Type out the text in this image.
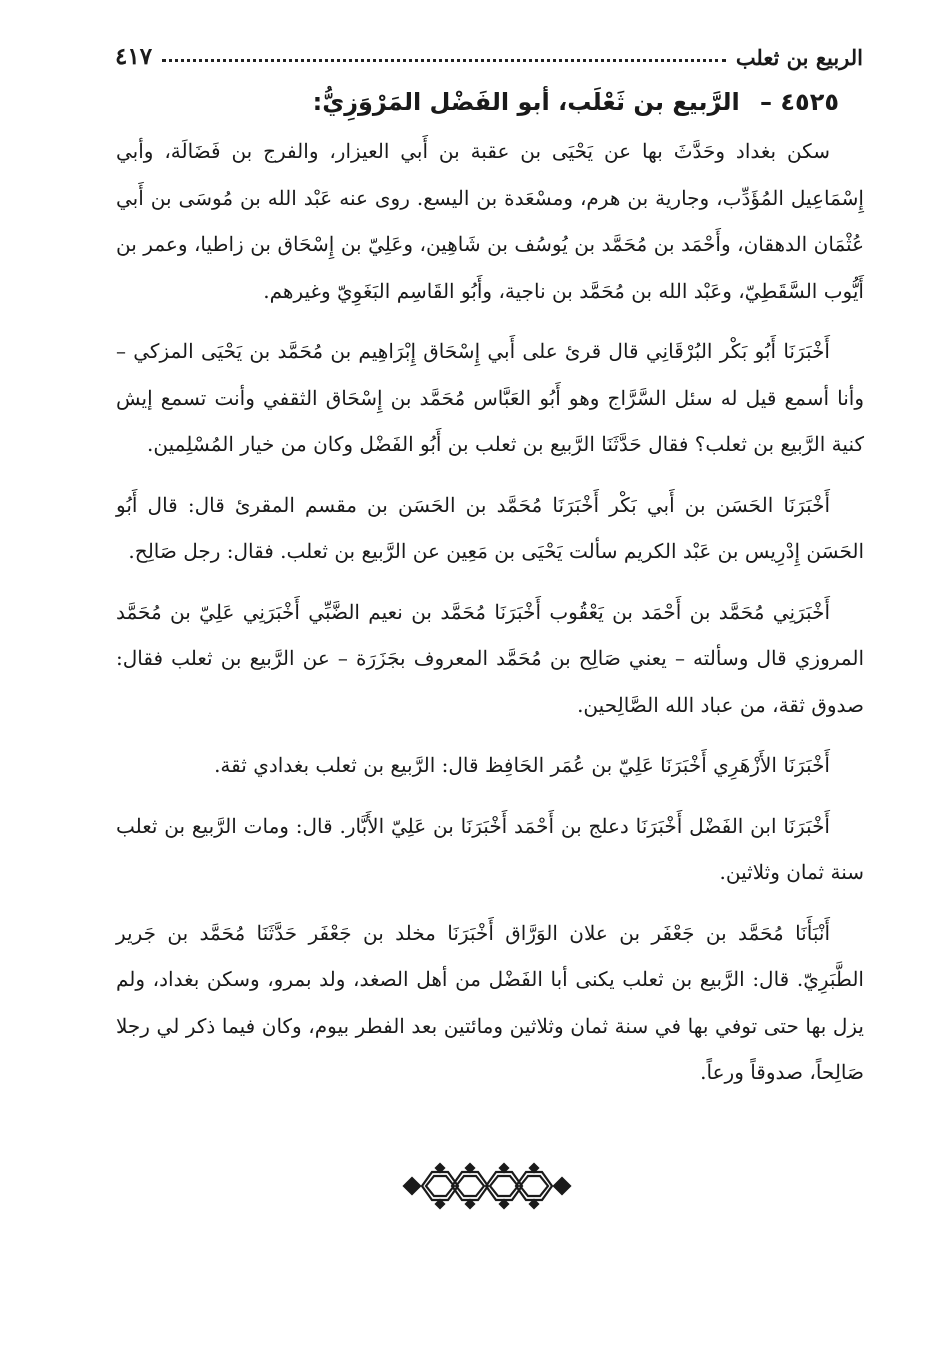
الربيع بن ثعلب
٤١٧
٤٥٢٥ – الرَّبيع بن ثَعْلَب، أبو الفَضْل المَرْوَزِيُّ:

سكن بغداد وحَدَّثَ بها عن يَحْيَى بن عقبة بن أَبي العيزار، والفرج بن فَضَالَة، وأبي إِسْمَاعِيل المُؤَدِّب، وجارية بن هرم، ومسْعَدة بن اليسع. روى عنه عَبْد الله بن مُوسَى بن أَبي عُثْمَان الدهقان، وأَحْمَد بن مُحَمَّد بن يُوسُف بن شَاهِين، وعَلِيّ بن إِسْحَاق بن زاطيا، وعمر بن أَيُّوب السَّقَطِيّ، وعَبْد الله بن مُحَمَّد بن ناجية، وأَبُو القَاسِم البَغَوِيّ وغيرهم.

أَخْبَرَنَا أَبُو بَكْر البُرْقَانِي قال قرئ على أَبي إِسْحَاق إِبْرَاهِيم بن مُحَمَّد بن يَحْيَى المزكي – وأنا أسمع قيل له سئل السَّرَّاج وهو أَبُو العَبَّاس مُحَمَّد بن إِسْحَاق الثقفي وأنت تسمع إيش كنية الرَّبيع بن ثعلب؟ فقال حَدَّثَنَا الرَّبيع بن ثعلب بن أَبُو الفَضْل وكان من خيار المُسْلِمين.

أَخْبَرَنَا الحَسَن بن أَبي بَكْر أَخْبَرَنَا مُحَمَّد بن الحَسَن بن مقسم المقرئ قال: قال أَبُو الحَسَن إِدْرِيس بن عَبْد الكريم سألت يَحْيَى بن مَعِين عن الرَّبيع بن ثعلب. فقال: رجل صَالِح.

أَخْبَرَنِي مُحَمَّد بن أَحْمَد بن يَعْقُوب أَخْبَرَنَا مُحَمَّد بن نعيم الضَّبِّي أَخْبَرَنِي عَلِيّ بن مُحَمَّد المروزي قال وسألته – يعني صَالِح بن مُحَمَّد المعروف بجَزَرَة – عن الرَّبيع بن ثعلب فقال: صدوق ثقة، من عباد الله الصَّالِحين.

أَخْبَرَنَا الأَزْهَرِي أَخْبَرَنَا عَلِيّ بن عُمَر الحَافِظ قال: الرَّبيع بن ثعلب بغدادي ثقة.

أَخْبَرَنَا ابن الفَضْل أَخْبَرَنَا دعلج بن أَحْمَد أَخْبَرَنَا بن عَلِيّ الأَبَّار. قال: ومات الرَّبيع بن ثعلب سنة ثمان وثلاثين.

أَنْبَأَنَا مُحَمَّد بن جَعْفَر بن علان الوَرَّاق أَخْبَرَنَا مخلد بن جَعْفَر حَدَّثَنَا مُحَمَّد بن جَرير الطَّبَرِيّ. قال: الرَّبيع بن ثعلب يكنى أبا الفَضْل من أهل الصغد، ولد بمرو، وسكن بغداد، ولم يزل بها حتى توفي بها في سنة ثمان وثلاثين ومائتين بعد الفطر بيوم، وكان فيما ذكر لي رجلا صَالِحاً، صدوقاً ورعاً.
